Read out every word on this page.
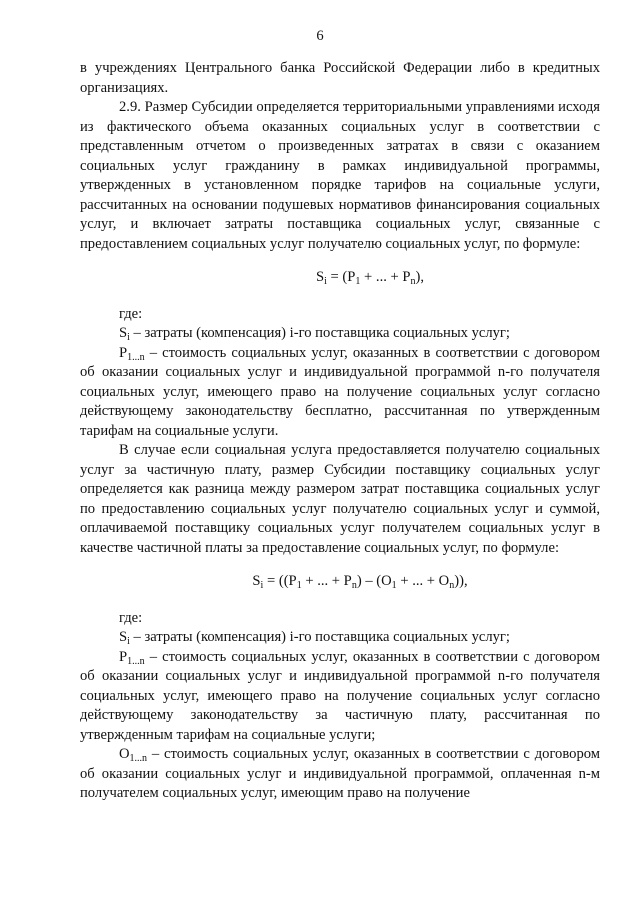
6

в учреждениях Центрального банка Российской Федерации либо в кредитных организациях.

2.9. Размер Субсидии определяется территориальными управлениями исходя из фактического объема оказанных социальных услуг в соответствии с представленным отчетом о произведенных затратах в связи с оказанием социальных услуг гражданину в рамках индивидуальной программы, утвержденных в установленном порядке тарифов на социальные услуги, рассчитанных на основании подушевых нормативов финансирования социальных услуг, и включает затраты поставщика социальных услуг, связанные с предоставлением социальных услуг получателю социальных услуг, по формуле:

$S_i = (P_1$ + ... + $P_n$),

где:

$S_i$ – затраты (компенсация) i-го поставщика социальных услуг;

$P_{1...n}$ – стоимость социальных услуг, оказанных в соответствии с договором об оказании социальных услуг и индивидуальной программой n-го получателя социальных услуг, имеющего право на получение социальных услуг согласно действующему законодательству бесплатно, рассчитанная по утвержденным тарифам на социальные услуги.

В случае если социальная услуга предоставляется получателю социальных услуг за частичную плату, размер Субсидии поставщику социальных услуг определяется как разница между размером затрат поставщика социальных услуг по предоставлению социальных услуг получателю социальных услуг и суммой, оплачиваемой поставщику социальных услуг получателем социальных услуг в качестве частичной платы за предоставление социальных услуг, по формуле:

$S_i = ((P_1$ + ... + $P_n) - (O_1$ + ... + $O_n$)),

где:

$S_i$ – затраты (компенсация) i-го поставщика социальных услуг;

$P_{1...n}$ – стоимость социальных услуг, оказанных в соответствии с договором об оказании социальных услуг и индивидуальной программой n-го получателя социальных услуг, имеющего право на получение социальных услуг согласно действующему законодательству за частичную плату, рассчитанная по утвержденным тарифам на социальные услуги;

$O_{1...n}$ – стоимость социальных услуг, оказанных в соответствии с договором об оказании социальных услуг и индивидуальной программой, оплаченная n-м получателем социальных услуг, имеющим право на получение
